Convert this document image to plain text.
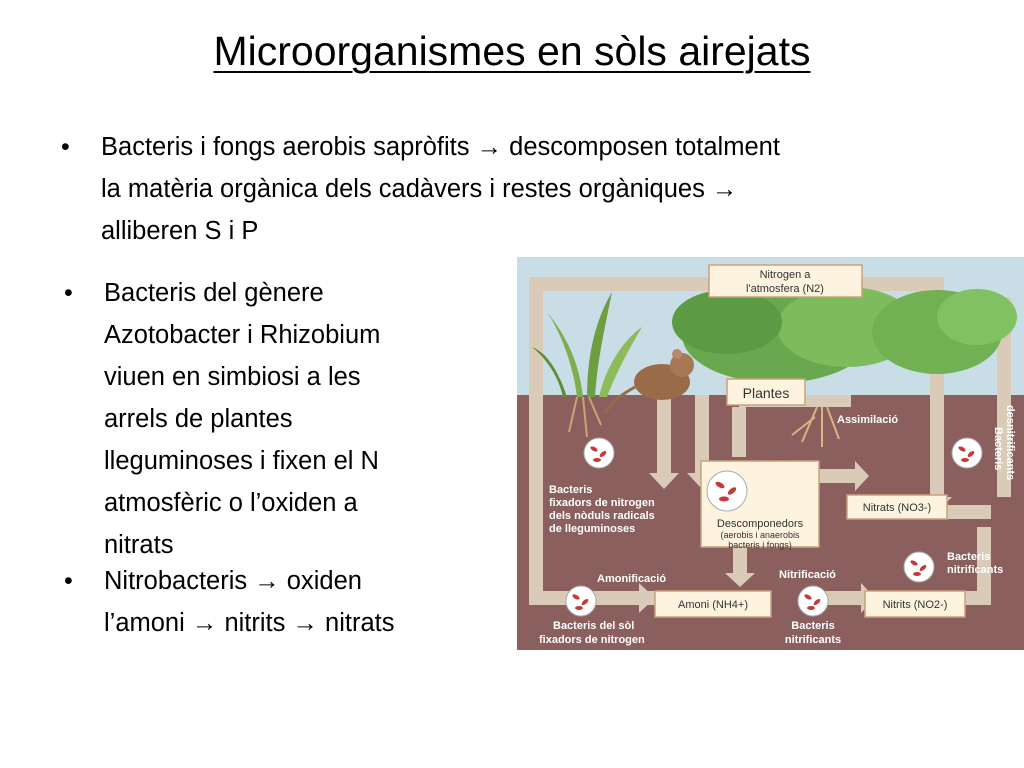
Microorganismes en sòls airejats
• Bacteris i fongs aerobis sapròfits → descomposen totalment
la matèria orgànica dels cadàvers i restes orgàniques →
alliberen S i P
• Bacteris del gènere
Azotobacter i Rhizobium
viuen en simbiosi a les
arrels de plantes
lleguminoses i fixen el N
atmosfèric o l’oxiden a
nitrats
• Nitrobacteris → oxiden
l’amoni → nitrits → nitrats
Nitrogen a
l'atmosfera (N2)
Plantes
Assimilació
Descomponedors
(aerobis i anaerobis
bacteris i fongs)
Nitrats (NO3-)
Amoni (NH4+)	Nitrits (NO2-)
Bacteris
fixadors de nitrogen
dels nòduls radicals
de lleguminoses
Bacteris desnitrificants
Bacteris
nitrificants
Amonificació	Nitrificació
Bacteris del sòl
fixadors de nitrogen
Bacteris
nitrificants
